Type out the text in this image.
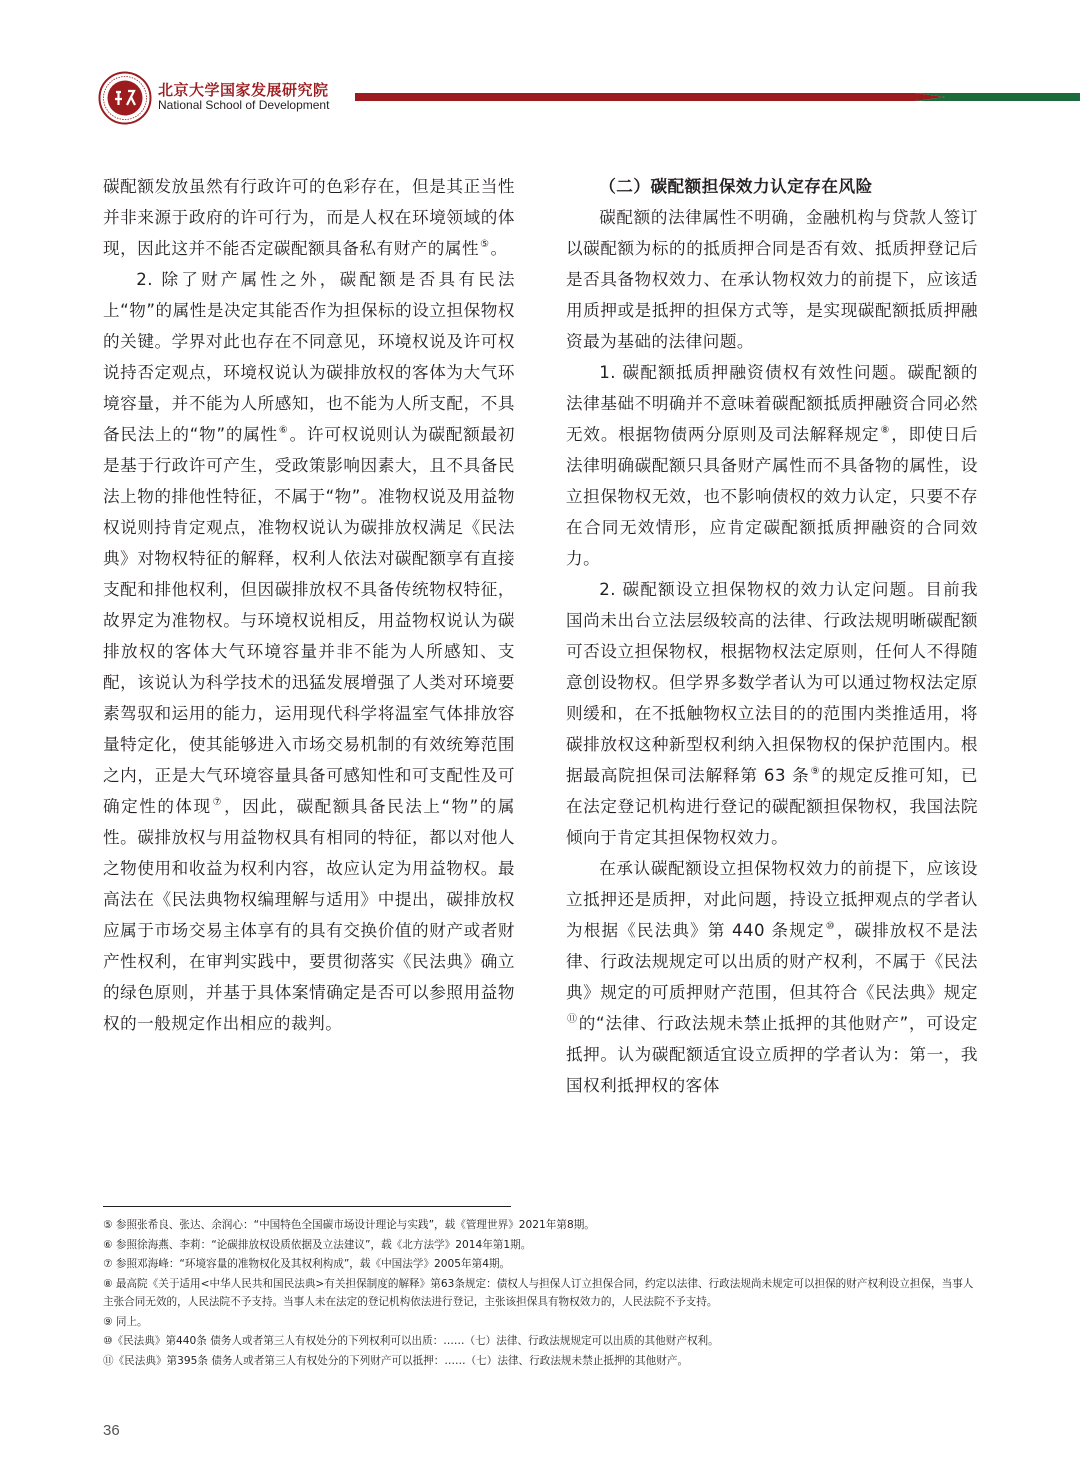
北京大学国家发展研究院
National School of Development

碳配额发放虽然有行政许可的色彩存在，但是其正当性并非来源于政府的许可行为，而是人权在环境领域的体现，因此这并不能否定碳配额具备私有财产的属性⑤。

2. 除了财产属性之外，碳配额是否具有民法上“物”的属性是决定其能否作为担保标的设立担保物权的关键。学界对此也存在不同意见，环境权说及许可权说持否定观点，环境权说认为碳排放权的客体为大气环境容量，并不能为人所感知，也不能为人所支配，不具备民法上的“物”的属性⑥。许可权说则认为碳配额最初是基于行政许可产生，受政策影响因素大，且不具备民法上物的排他性特征，不属于“物”。准物权说及用益物权说则持肯定观点，准物权说认为碳排放权满足《民法典》对物权特征的解释，权利人依法对碳配额享有直接支配和排他权利，但因碳排放权不具备传统物权特征，故界定为准物权。与环境权说相反，用益物权说认为碳排放权的客体大气环境容量并非不能为人所感知、支配，该说认为科学技术的迅猛发展增强了人类对环境要素驾驭和运用的能力，运用现代科学将温室气体排放容量特定化，使其能够进入市场交易机制的有效统筹范围之内，正是大气环境容量具备可感知性和可支配性及可确定性的体现⑦，因此，碳配额具备民法上“物”的属性。碳排放权与用益物权具有相同的特征，都以对他人之物使用和收益为权利内容，故应认定为用益物权。最高法在《民法典物权编理解与适用》中提出，碳排放权应属于市场交易主体享有的具有交换价值的财产或者财产性权利，在审判实践中，要贯彻落实《民法典》确立的绿色原则，并基于具体案情确定是否可以参照用益物权的一般规定作出相应的裁判。

（二）碳配额担保效力认定存在风险

碳配额的法律属性不明确，金融机构与贷款人签订以碳配额为标的的抵质押合同是否有效、抵质押登记后是否具备物权效力、在承认物权效力的前提下，应该适用质押或是抵押的担保方式等，是实现碳配额抵质押融资最为基础的法律问题。

1. 碳配额抵质押融资债权有效性问题。碳配额的法律基础不明确并不意味着碳配额抵质押融资合同必然无效。根据物债两分原则及司法解释规定⑧，即使日后法律明确碳配额只具备财产属性而不具备物的属性，设立担保物权无效，也不影响债权的效力认定，只要不存在合同无效情形，应肯定碳配额抵质押融资的合同效力。

2. 碳配额设立担保物权的效力认定问题。目前我国尚未出台立法层级较高的法律、行政法规明晰碳配额可否设立担保物权，根据物权法定原则，任何人不得随意创设物权。但学界多数学者认为可以通过物权法定原则缓和，在不抵触物权立法目的的范围内类推适用，将碳排放权这种新型权利纳入担保物权的保护范围内。根据最高院担保司法解释第 63 条⑨的规定反推可知，已在法定登记机构进行登记的碳配额担保物权，我国法院倾向于肯定其担保物权效力。

在承认碳配额设立担保物权效力的前提下，应该设立抵押还是质押，对此问题，持设立抵押观点的学者认为根据《民法典》第 440 条规定⑩，碳排放权不是法律、行政法规规定可以出质的财产权利，不属于《民法典》规定的可质押财产范围，但其符合《民法典》规定⑪的“法律、行政法规未禁止抵押的其他财产”，可设定抵押。认为碳配额适宜设立质押的学者认为：第一，我国权利抵押权的客体

⑤ 参照张希良、张达、余润心：“中国特色全国碳市场设计理论与实践”，载《管理世界》2021年第8期。

⑥ 参照徐海燕、李莉：“论碳排放权设质依据及立法建议”，载《北方法学》2014年第1期。

⑦ 参照邓海峰：“环境容量的准物权化及其权利构成”，载《中国法学》2005年第4期。

⑧ 最高院《关于适用<中华人民共和国民法典>有关担保制度的解释》第63条规定：债权人与担保人订立担保合同，约定以法律、行政法规尚未规定可以担保的财产权利设立担保，当事人主张合同无效的，人民法院不予支持。当事人未在法定的登记机构依法进行登记，主张该担保具有物权效力的，人民法院不予支持。

⑨ 同上。

⑩《民法典》第440条 债务人或者第三人有权处分的下列权利可以出质：……（七）法律、行政法规规定可以出质的其他财产权利。

⑪《民法典》第395条 债务人或者第三人有权处分的下列财产可以抵押：……（七）法律、行政法规未禁止抵押的其他财产。

36
